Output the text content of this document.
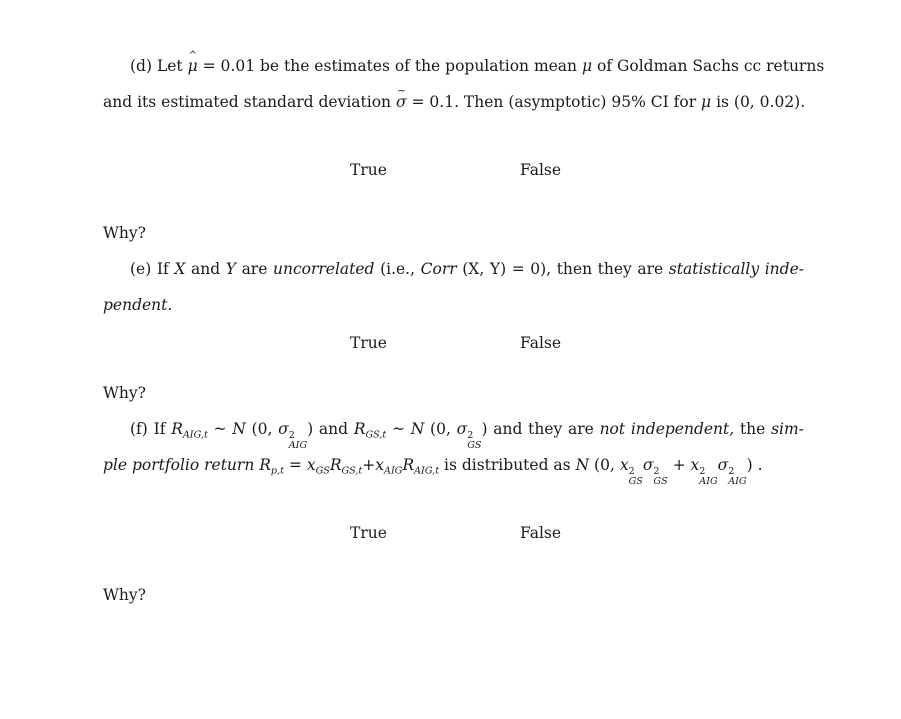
(d) Let μ ^ = 0.01 be the estimates of the population mean μ of Goldman Sachs cc returns
and its estimated standard deviation σ ~ = 0.1. Then (asymptotic) 95% CI for μ is (0, 0.02).
True	False
Why?
(e) If X and Y are uncorrelated (i.e., Corr (X, Y) = 0), then they are statistically inde-
pendent.
True	False
Why?
(f) If $R_{AIG,t}$ ~ N (0, σ 2
AIG
) and $R_{GS,t}$ ~ N (0, σ 2
GS
) and they are not independent, the sim-
ple portfolio return $R_{p,t} = x_{GS}R_{GS,t}+x_{AIG}R_{AIG,t}$ is distributed as N (0, x 2
GS
σ 2
GS
+ x 2
AIG
σ 2
AIG
) .
True	False
Why?
